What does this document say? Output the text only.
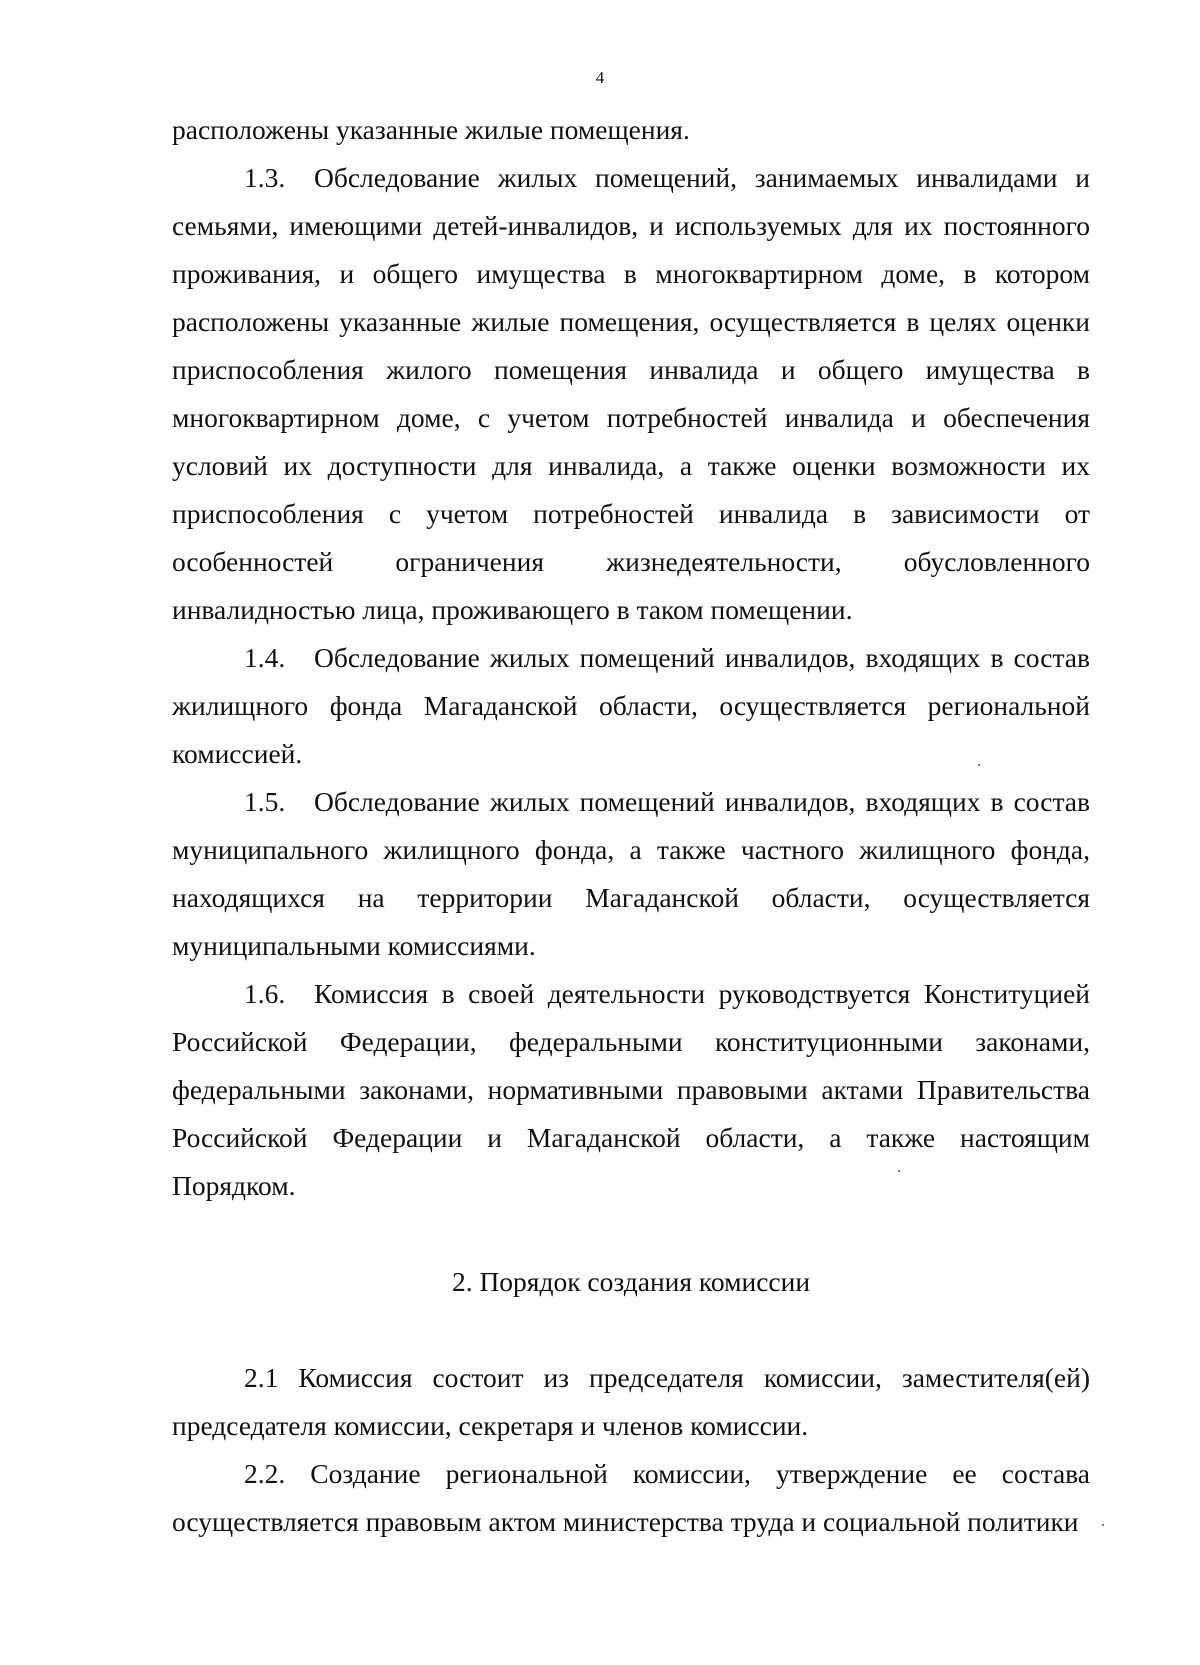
4

расположены указанные жилые помещения.

1.3. Обследование жилых помещений, занимаемых инвалидами и семьями, имеющими детей-инвалидов, и используемых для их постоянного проживания, и общего имущества в многоквартирном доме, в котором расположены указанные жилые помещения, осуществляется в целях оценки приспособления жилого помещения инвалида и общего имущества в многоквартирном доме, с учетом потребностей инвалида и обеспечения условий их доступности для инвалида, а также оценки возможности их приспособления с учетом потребностей инвалида в зависимости от особенностей ограничения жизнедеятельности, обусловленного инвалидностью лица, проживающего в таком помещении.

1.4. Обследование жилых помещений инвалидов, входящих в состав жилищного фонда Магаданской области, осуществляется региональной комиссией.

1.5. Обследование жилых помещений инвалидов, входящих в состав муниципального жилищного фонда, а также частного жилищного фонда, находящихся на территории Магаданской области, осуществляется муниципальными комиссиями.

1.6. Комиссия в своей деятельности руководствуется Конституцией Российской Федерации, федеральными конституционными законами, федеральными законами, нормативными правовыми актами Правительства Российской Федерации и Магаданской области, а также настоящим Порядком.

2. Порядок создания комиссии

2.1 Комиссия состоит из председателя комиссии, заместителя(ей) председателя комиссии, секретаря и членов комиссии.

2.2. Создание региональной комиссии, утверждение ее состава осуществляется правовым актом министерства труда и социальной политики
